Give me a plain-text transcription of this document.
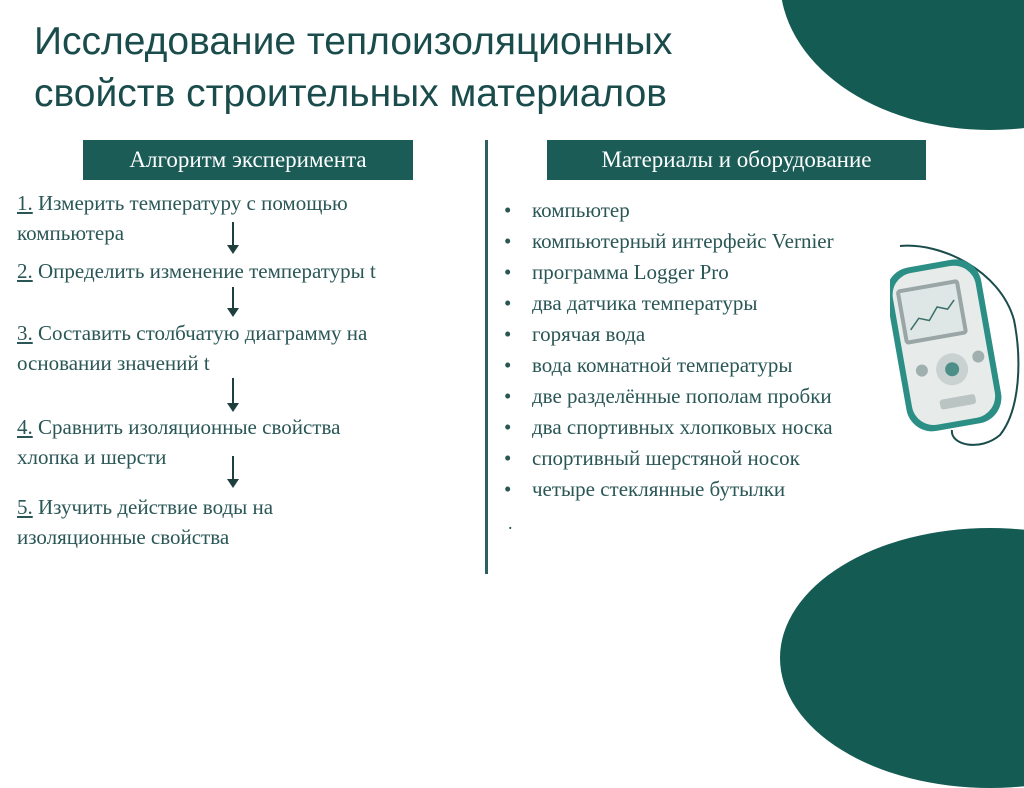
Исследование теплоизоляционных
свойств строительных материалов
Алгоритм эксперимента	Материалы и оборудование
1. Измерить температуру с помощью
компьютера
2. Определить изменение температуры t
3. Составить столбчатую диаграмму на
основании значений t
4. Сравнить изоляционные свойства
хлопка и шерсти
5. Изучить действие воды на
изоляционные свойства
• компьютер
• компьютерный интерфейс Vernier
• программа Logger Pro
• два датчика температуры
• горячая вода
• вода комнатной температуры
• две разделённые пополам пробки
• два спортивных хлопковых носка
• спортивный шерстяной носок
• четыре стеклянные бутылки
.
